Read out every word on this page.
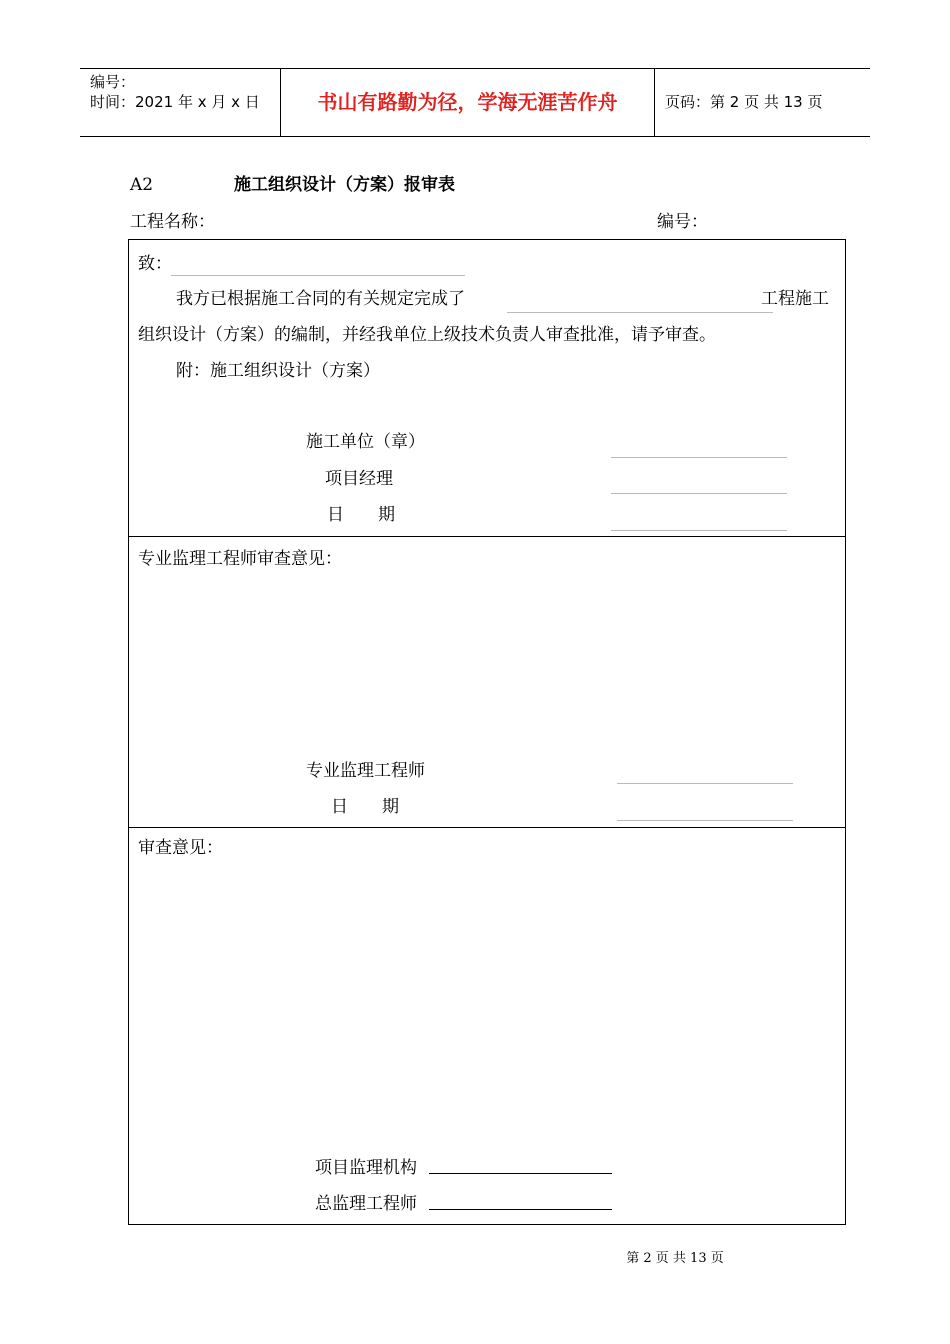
编号：
时间：2021 年 x 月 x 日	书山有路勤为径，学海无涯苦作舟	页码：第 2 页 共 13 页
A2	施工组织设计（方案）报审表
工程名称：	编号：
致：
我方已根据施工合同的有关规定完成了	工程施工
组织设计（方案）的编制，并经我单位上级技术负责人审查批准，请予审查。
附：施工组织设计（方案）
施工单位（章）
项目经理
日　　期
专业监理工程师审查意见：
专业监理工程师
日　　期
审查意见：
项目监理机构
总监理工程师
第 2 页 共 13 页
